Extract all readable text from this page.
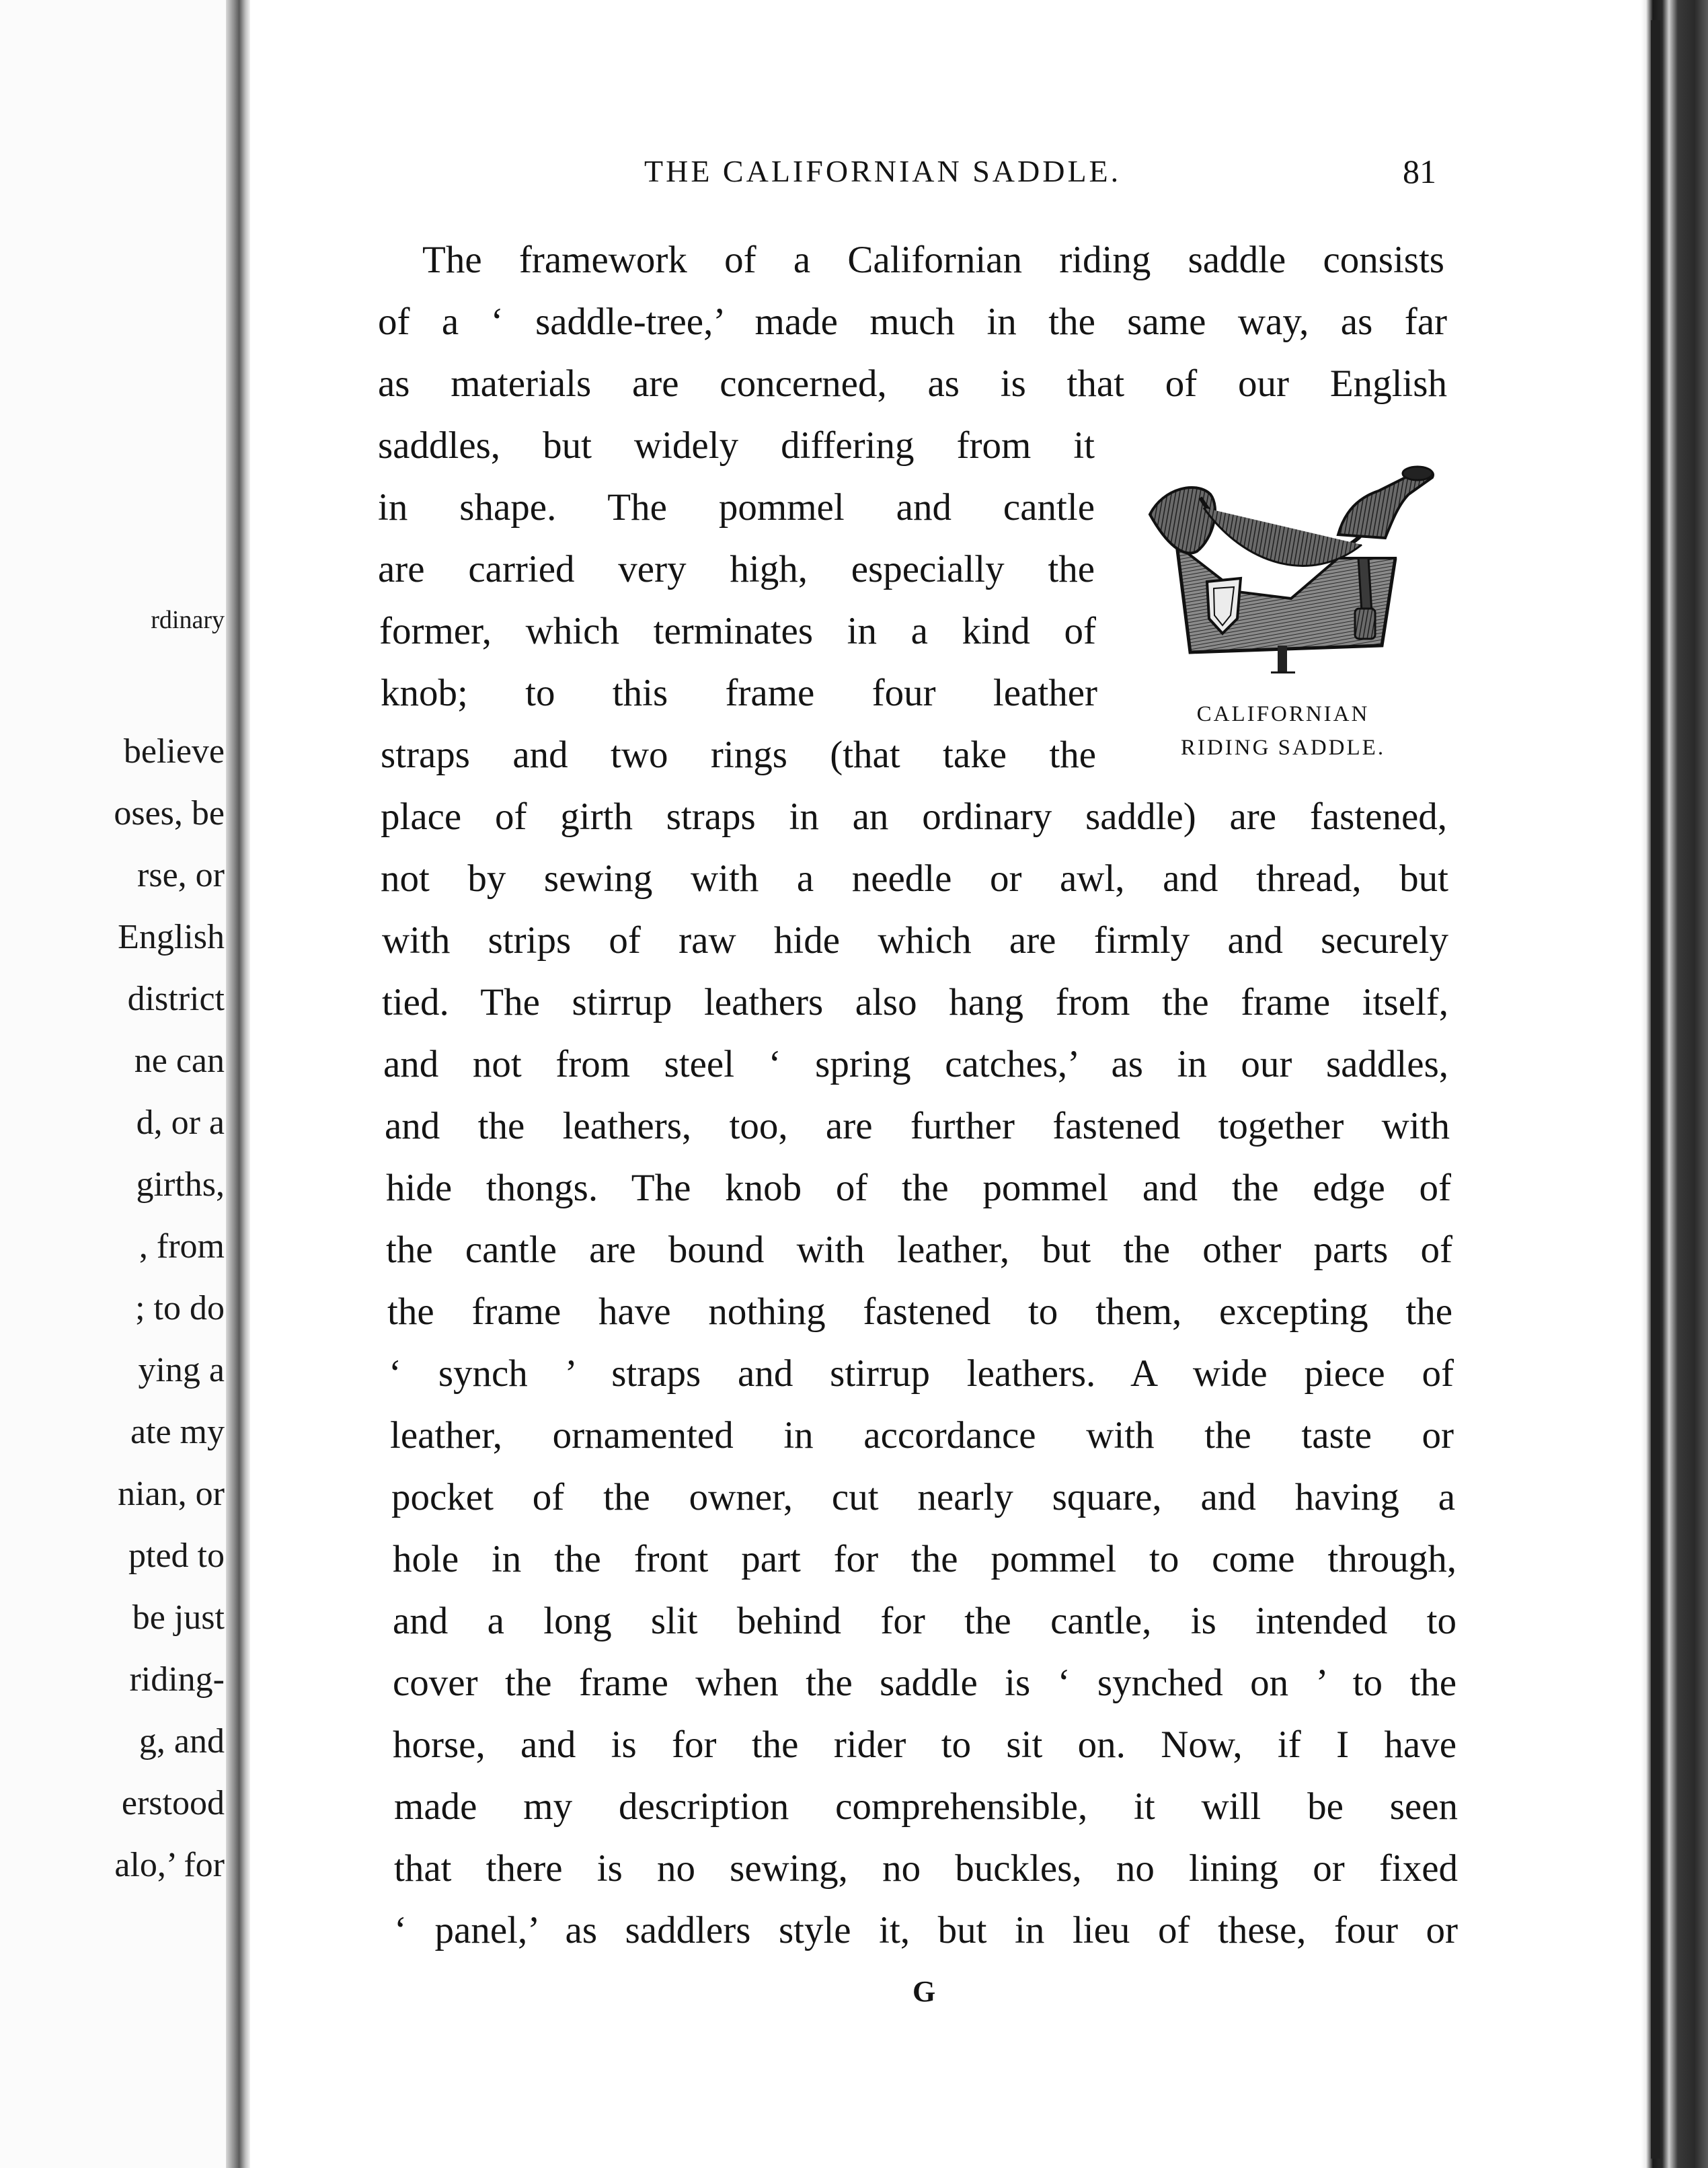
rdinary

believe

oses, be

rse, or

English

district

ne can

d, or a

girths,

, from

; to do

ying a

ate my

nian, or

pted to

be just

riding-

g, and

erstood

alo,’ for

THE CALIFORNIAN SADDLE.	81

The framework of a Californian riding saddle consists

of a ‘ saddle-tree,’ made much in the same way, as far

as materials are concerned, as is that of our English

saddles, but widely differing from it

in shape. The pommel and cantle

are carried very high, especially the

former, which terminates in a kind of

knob; to this frame four leather

straps and two rings (that take the

place of girth straps in an ordinary saddle) are fastened,

not by sewing with a needle or awl, and thread, but

with strips of raw hide which are firmly and securely

tied. The stirrup leathers also hang from the frame itself,

and not from steel ‘ spring catches,’ as in our saddles,

and the leathers, too, are further fastened together with

hide thongs. The knob of the pommel and the edge of

the cantle are bound with leather, but the other parts of

the frame have nothing fastened to them, excepting the

‘ synch ’ straps and stirrup leathers. A wide piece of

leather, ornamented in accordance with the taste or

pocket of the owner, cut nearly square, and having a

hole in the front part for the pommel to come through,

and a long slit behind for the cantle, is intended to

cover the frame when the saddle is ‘ synched on ’ to the

horse, and is for the rider to sit on. Now, if I have

made my description comprehensible, it will be seen

that there is no sewing, no buckles, no lining or fixed

‘ panel,’ as saddlers style it, but in lieu of these, four or

CALIFORNIAN

RIDING SADDLE.

G
